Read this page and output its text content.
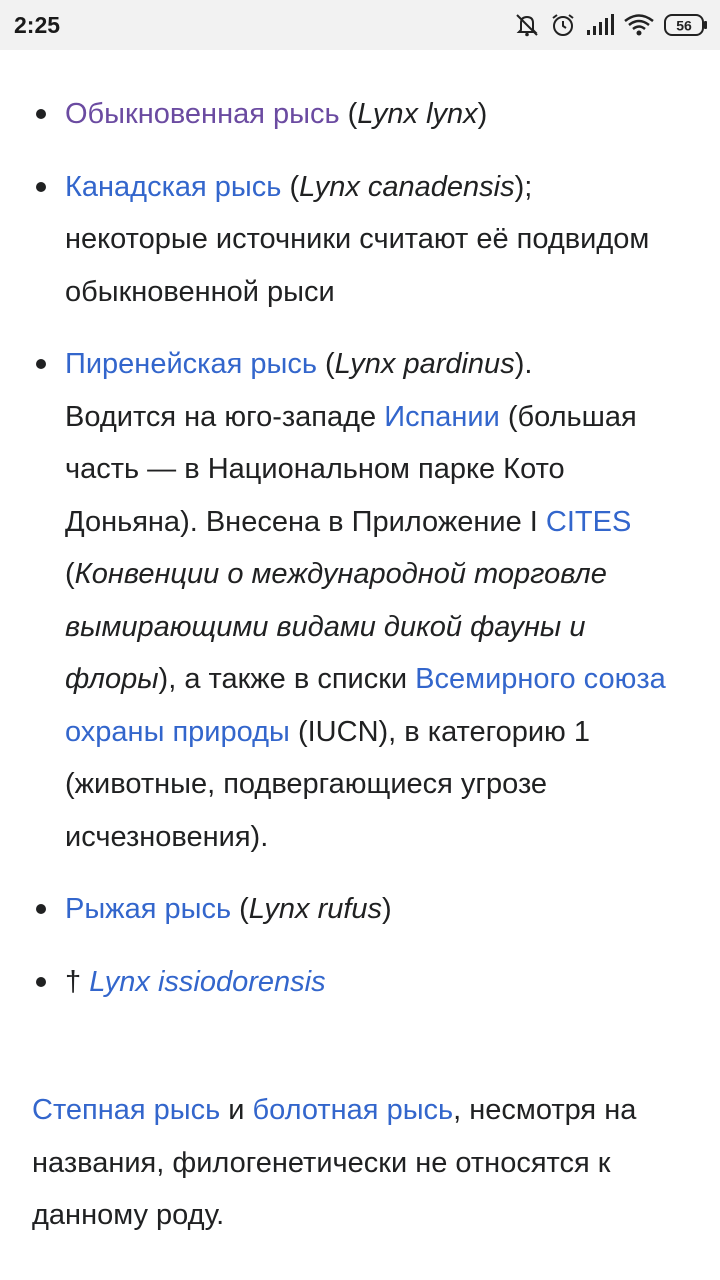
2:25	56
Обыкновенная рысь (Lynx lynx)
Канадская рысь (Lynx canadensis);
некоторые источники считают её подвидом обыкновенной рыси
Пиренейская рысь (Lynx pardinus).
Водится на юго-западе Испании (большая часть — в Национальном парке Кото Доньяна). Внесена в Приложение I CITES (Конвенции о международной торговле вымирающими видами дикой фауны и флоры), а также в списки Всемирного союза охраны природы (IUCN), в категорию 1 (животные, подвергающиеся угрозе исчезновения).
Рыжая рысь (Lynx rufus)
† Lynx issiodorensis

Степная рысь и болотная рысь, несмотря на названия, филогенетически не относятся к данному роду.
